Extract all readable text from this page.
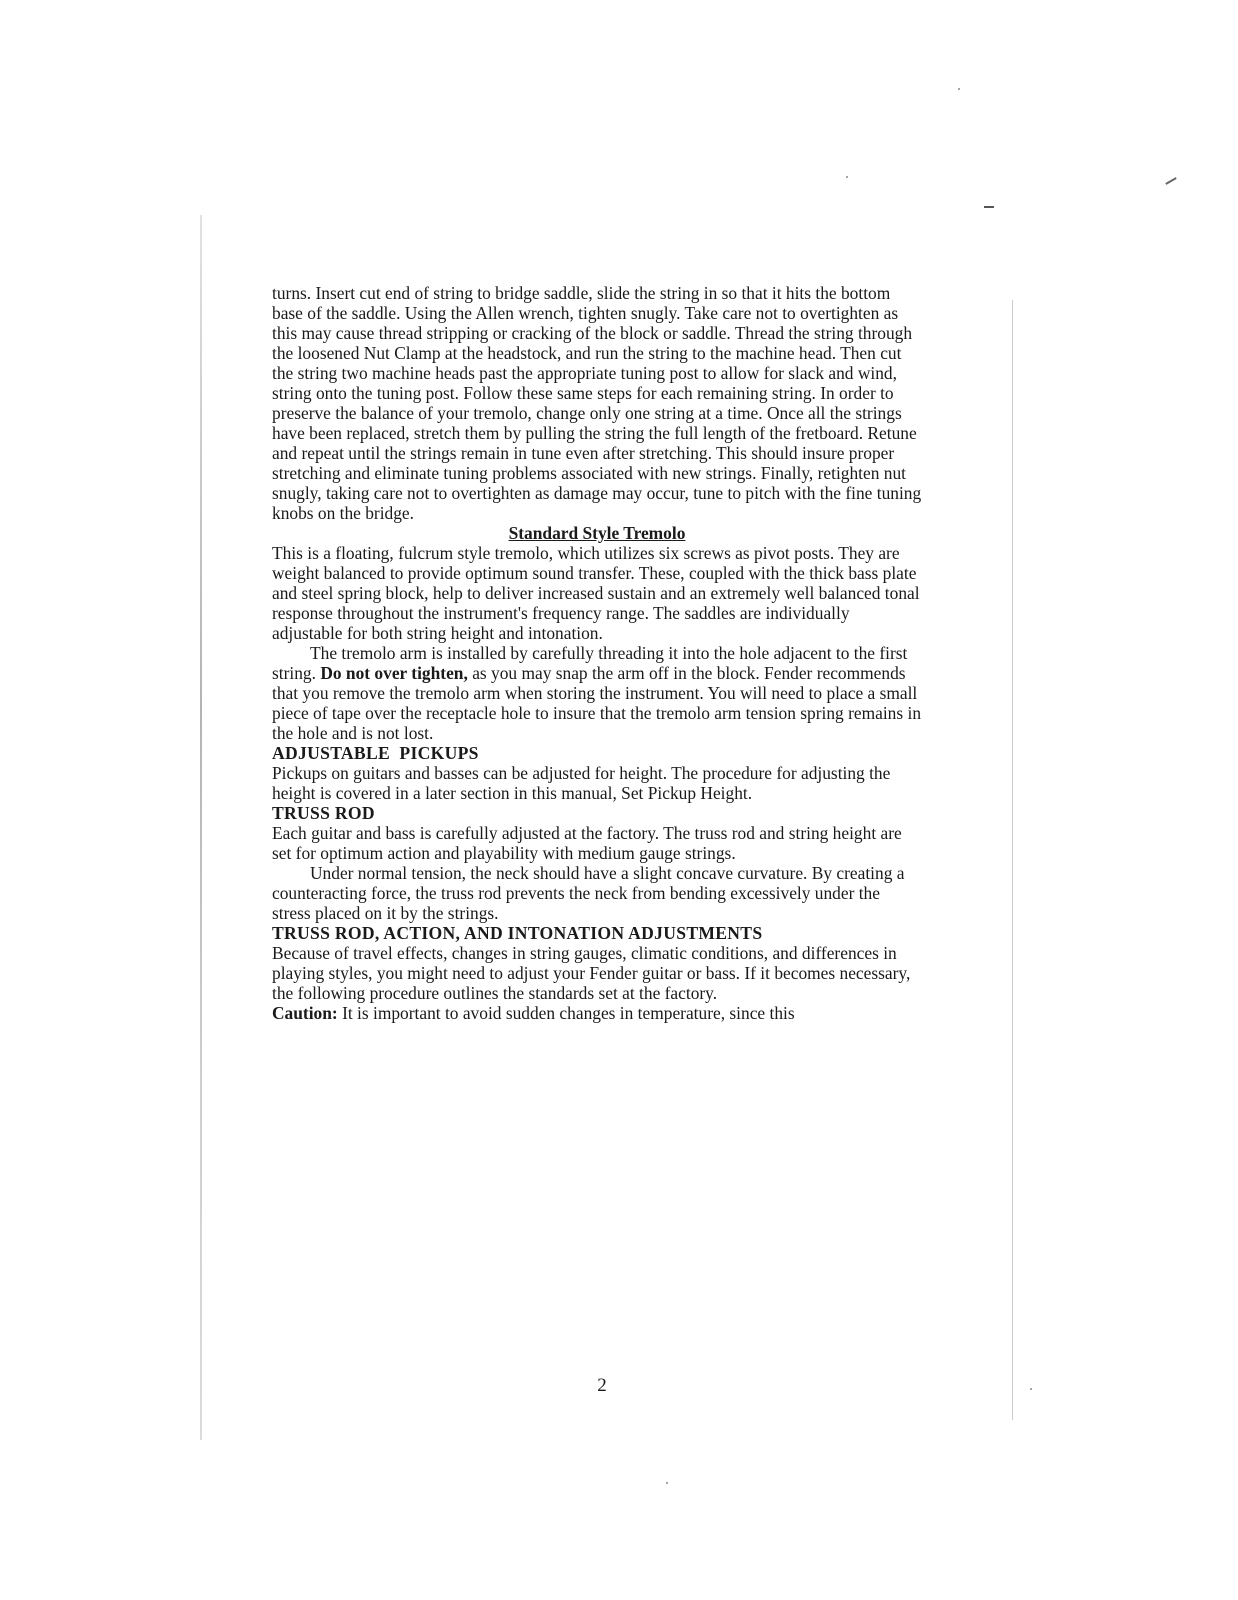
turns. Insert cut end of string to bridge saddle, slide the string in so that it hits the bottom base of the saddle. Using the Allen wrench, tighten snugly. Take care not to overtighten as this may cause thread stripping or cracking of the block or saddle. Thread the string through the loosened Nut Clamp at the headstock, and run the string to the machine head. Then cut the string two machine heads past the appropriate tuning post to allow for slack and wind, string onto the tuning post. Follow these same steps for each remaining string. In order to preserve the balance of your tremolo, change only one string at a time. Once all the strings have been replaced, stretch them by pulling the string the full length of the fretboard. Retune and repeat until the strings remain in tune even after stretching. This should insure proper stretching and eliminate tuning problems associated with new strings. Finally, retighten nut snugly, taking care not to overtighten as damage may occur, tune to pitch with the fine tuning knobs on the bridge.

Standard Style Tremolo

This is a floating, fulcrum style tremolo, which utilizes six screws as pivot posts. They are weight balanced to provide optimum sound transfer. These, coupled with the thick bass plate and steel spring block, help to deliver increased sustain and an extremely well balanced tonal response throughout the instrument's frequency range. The saddles are individually adjustable for both string height and intonation.

The tremolo arm is installed by carefully threading it into the hole adjacent to the first string. Do not over tighten, as you may snap the arm off in the block. Fender recommends that you remove the tremolo arm when storing the instrument. You will need to place a small piece of tape over the receptacle hole to insure that the tremolo arm tension spring remains in the hole and is not lost.

ADJUSTABLE  PICKUPS

Pickups on guitars and basses can be adjusted for height. The procedure for adjusting the height is covered in a later section in this manual, Set Pickup Height.

TRUSS ROD

Each guitar and bass is carefully adjusted at the factory. The truss rod and string height are set for optimum action and playability with medium gauge strings.

Under normal tension, the neck should have a slight concave curvature. By creating a counteracting force, the truss rod prevents the neck from bending excessively under the stress placed on it by the strings.

TRUSS ROD, ACTION, AND INTONATION ADJUSTMENTS

Because of travel effects, changes in string gauges, climatic conditions, and differences in playing styles, you might need to adjust your Fender guitar or bass. If it becomes necessary, the following procedure outlines the standards set at the factory.

Caution: It is important to avoid sudden changes in temperature, since this

2
